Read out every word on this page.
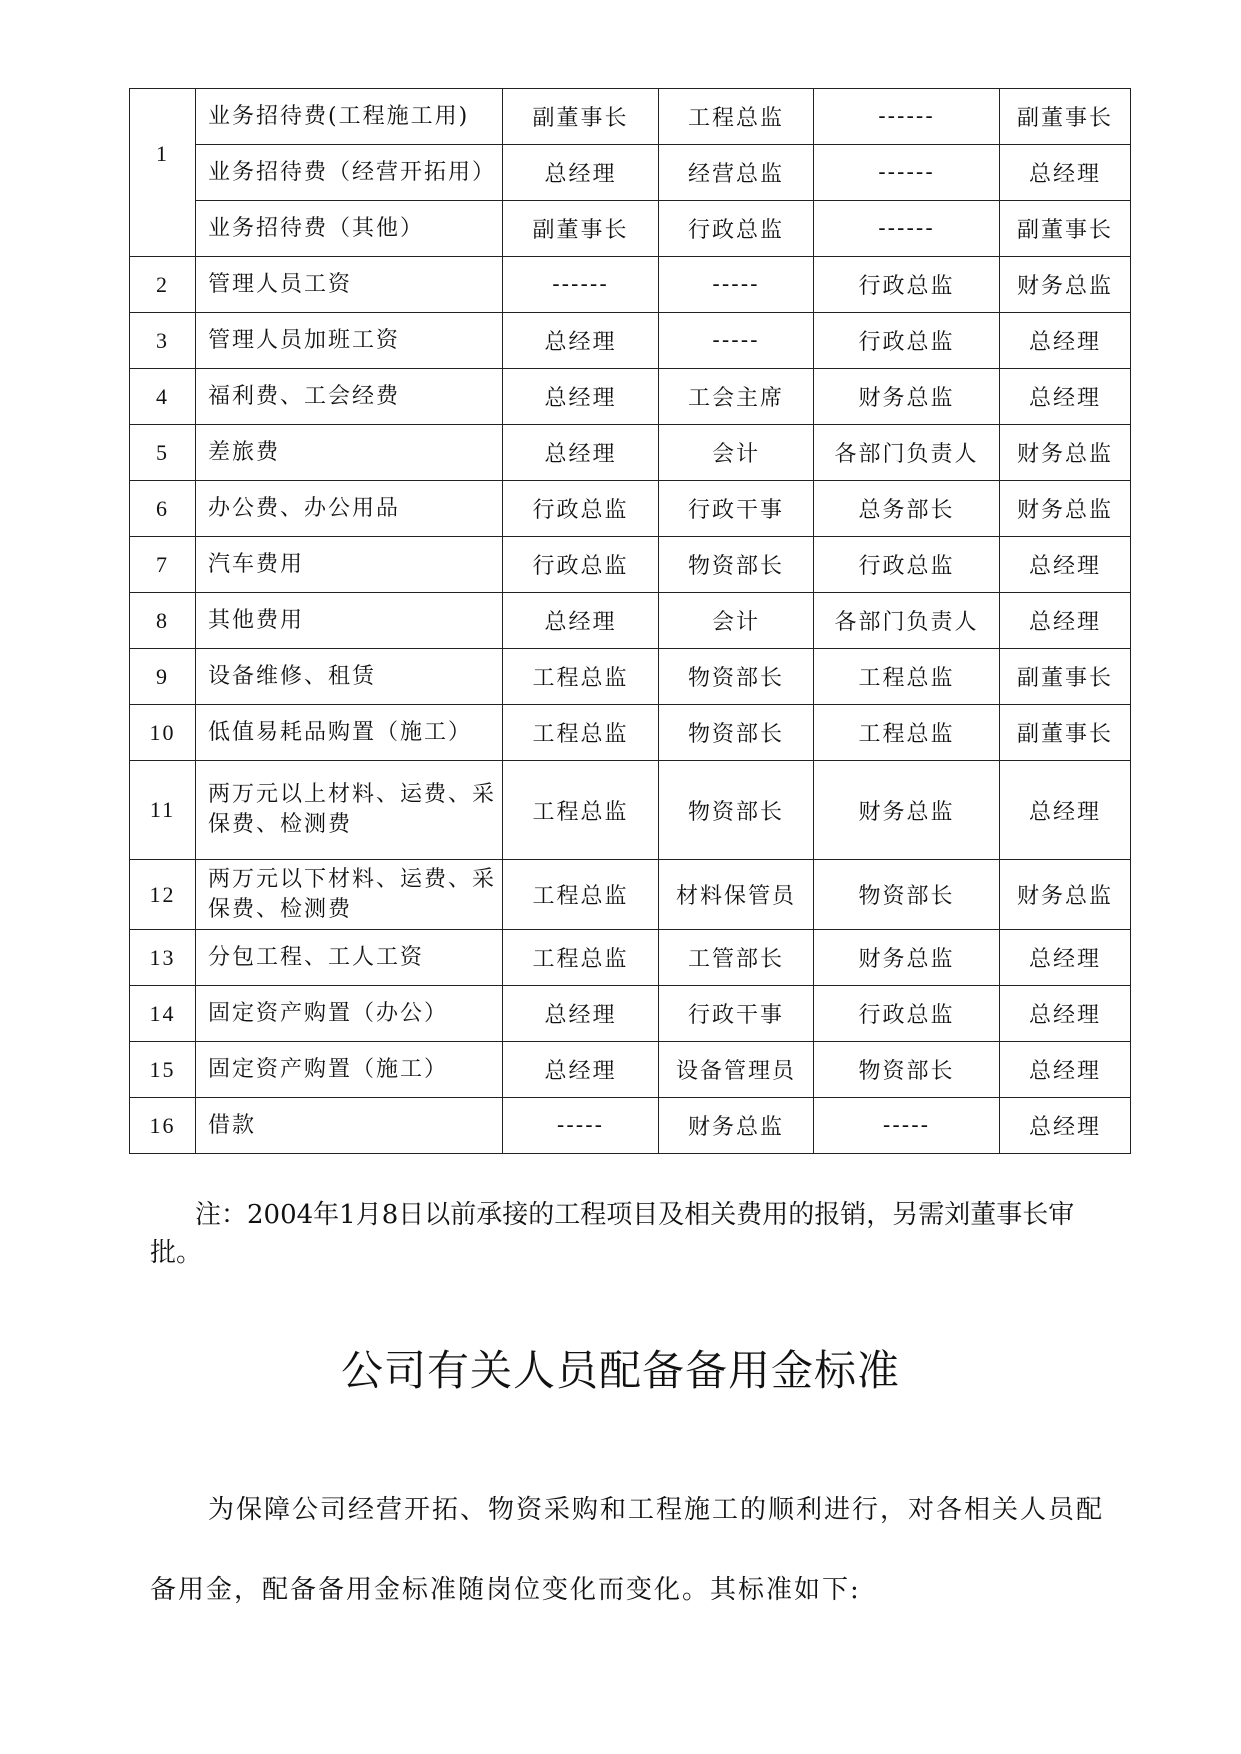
1	业务招待费(工程施工用)	副董事长	工程总监	------	副董事长
	业务招待费（经营开拓用）	总经理	经营总监	------	总经理
	业务招待费（其他）	副董事长	行政总监	------	副董事长
2	管理人员工资	------	-----	行政总监	财务总监
3	管理人员加班工资	总经理	-----	行政总监	总经理
4	福利费、工会经费	总经理	工会主席	财务总监	总经理
5	差旅费	总经理	会计	各部门负责人	财务总监
6	办公费、办公用品	行政总监	行政干事	总务部长	财务总监
7	汽车费用	行政总监	物资部长	行政总监	总经理
8	其他费用	总经理	会计	各部门负责人	总经理
9	设备维修、租赁	工程总监	物资部长	工程总监	副董事长
10	低值易耗品购置（施工）	工程总监	物资部长	工程总监	副董事长
11	两万元以上材料、运费、采保费、检测费	工程总监	物资部长	财务总监	总经理
12	两万元以下材料、运费、采保费、检测费	工程总监	材料保管员	物资部长	财务总监
13	分包工程、工人工资	工程总监	工管部长	财务总监	总经理
14	固定资产购置（办公）	总经理	行政干事	行政总监	总经理
15	固定资产购置（施工）	总经理	设备管理员	物资部长	总经理
16	借款	-----	财务总监	-----	总经理
注：2004年1月8日以前承接的工程项目及相关费用的报销，另需刘董事长审批。
公司有关人员配备备用金标准
为保障公司经营开拓、物资采购和工程施工的顺利进行，对各相关人员配备用金，配备备用金标准随岗位变化而变化。其标准如下:
